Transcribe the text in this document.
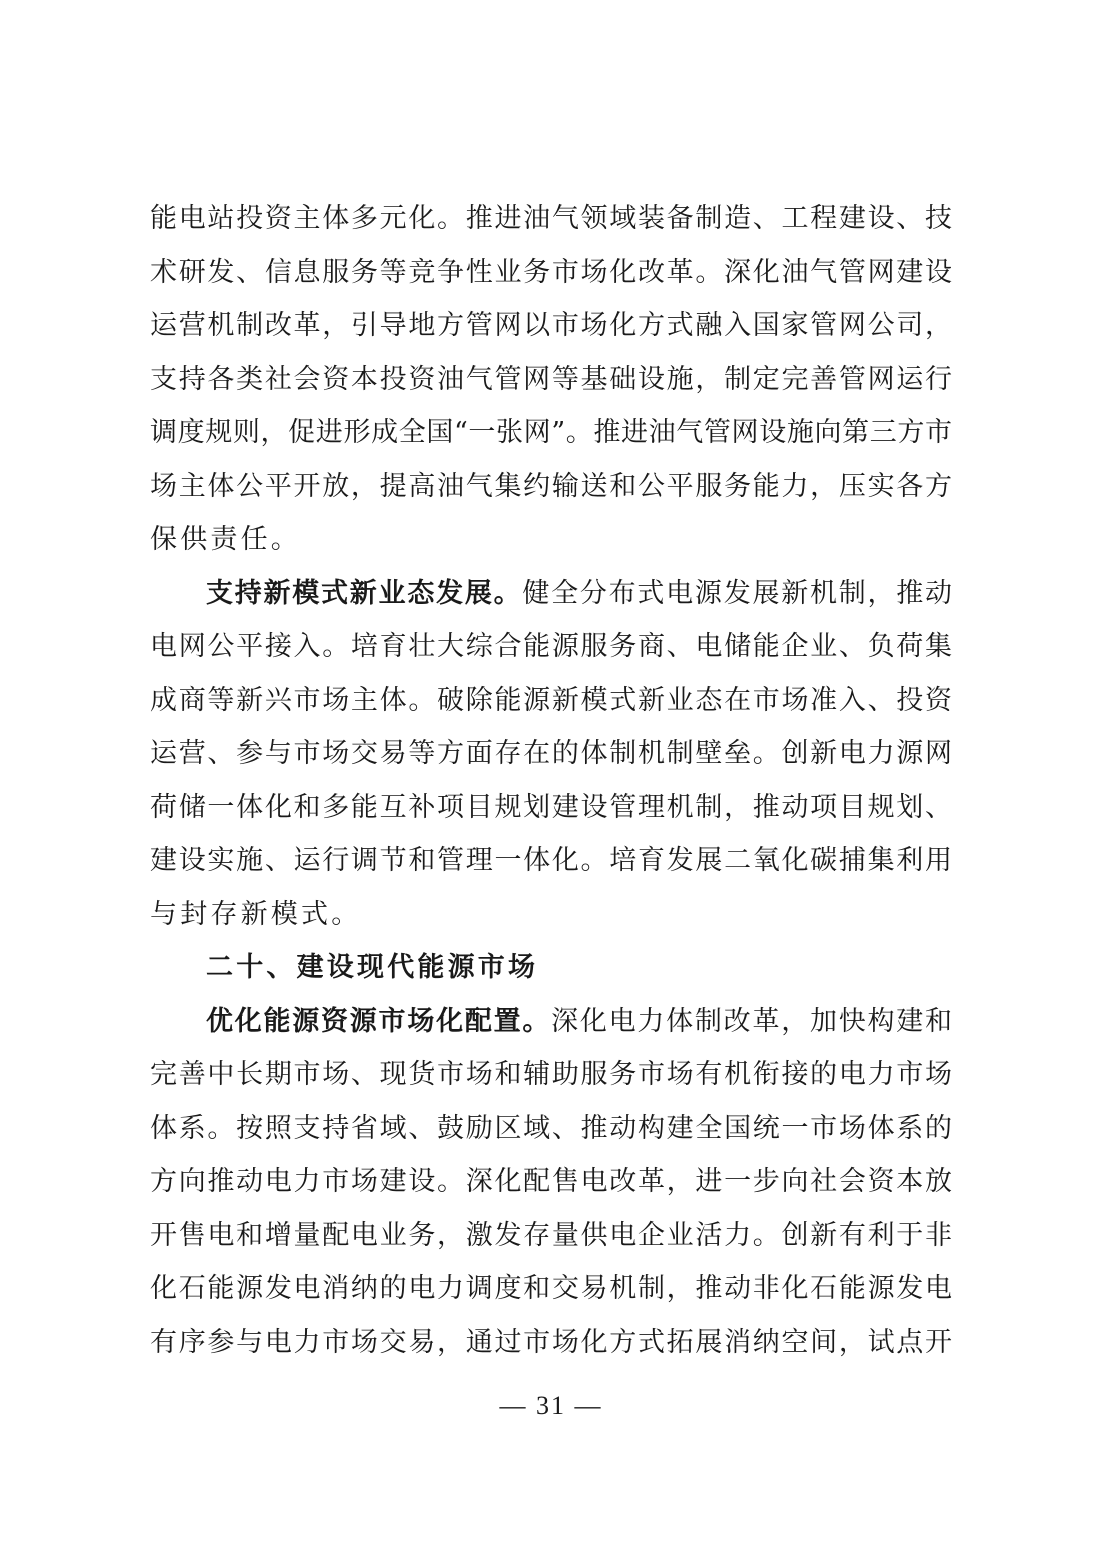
能电站投资主体多元化。推进油气领域装备制造、工程建设、技
术研发、信息服务等竞争性业务市场化改革。深化油气管网建设
运营机制改革，引导地方管网以市场化方式融入国家管网公司，
支持各类社会资本投资油气管网等基础设施，制定完善管网运行
调度规则，促进形成全国“一张网”。推进油气管网设施向第三方市
场主体公平开放，提高油气集约输送和公平服务能力，压实各方
保供责任。
支持新模式新业态发展。健全分布式电源发展新机制，推动
电网公平接入。培育壮大综合能源服务商、电储能企业、负荷集
成商等新兴市场主体。破除能源新模式新业态在市场准入、投资
运营、参与市场交易等方面存在的体制机制壁垒。创新电力源网
荷储一体化和多能互补项目规划建设管理机制，推动项目规划、
建设实施、运行调节和管理一体化。培育发展二氧化碳捕集利用
与封存新模式。
二十、建设现代能源市场
优化能源资源市场化配置。深化电力体制改革，加快构建和
完善中长期市场、现货市场和辅助服务市场有机衔接的电力市场
体系。按照支持省域、鼓励区域、推动构建全国统一市场体系的
方向推动电力市场建设。深化配售电改革，进一步向社会资本放
开售电和增量配电业务，激发存量供电企业活力。创新有利于非
化石能源发电消纳的电力调度和交易机制，推动非化石能源发电
有序参与电力市场交易，通过市场化方式拓展消纳空间，试点开
— 31 —
